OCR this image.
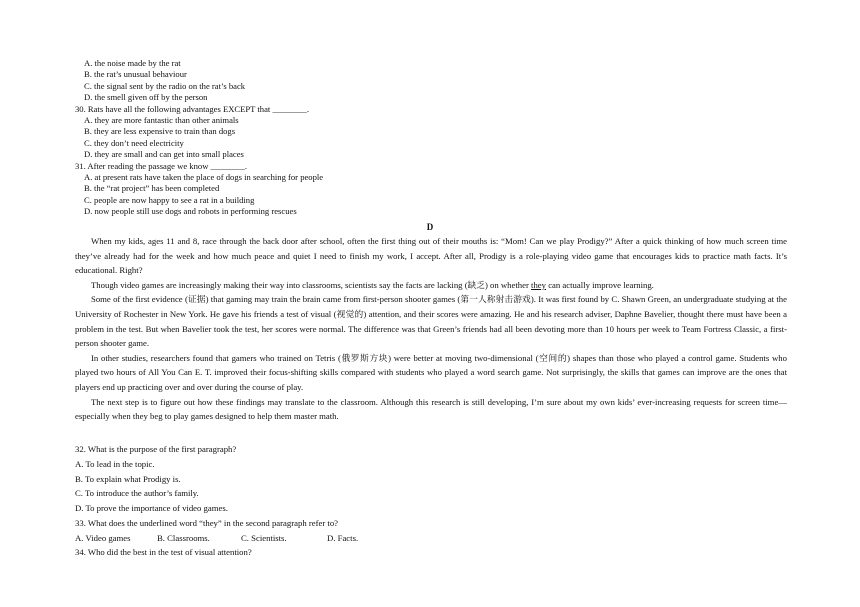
A. the noise made by the rat
B. the rat’s unusual behaviour
C. the signal sent by the radio on the rat’s back
D. the smell given off by the person
30. Rats have all the following advantages EXCEPT that ________.
A. they are more fantastic than other animals
B. they are less expensive to train than dogs
C. they don’t need electricity
D. they are small and can get into small places
31. After reading the passage we know ________.
A. at present rats have taken the place of dogs in searching for people
B. the “rat project” has been completed
C. people are now happy to see a rat in a building
D. now people still use dogs and robots in performing rescues
D

When my kids, ages 11 and 8, race through the back door after school, often the first thing out of their mouths is: “Mom! Can we play Prodigy?” After a quick thinking of how much screen time they’ve already had for the week and how much peace and quiet I need to finish my work, I accept. After all, Prodigy is a role-playing video game that encourages kids to practice math facts. It’s educational. Right?

Though video games are increasingly making their way into classrooms, scientists say the facts are lacking (缺乏) on whether they can actually improve learning.

Some of the first evidence (证据) that gaming may train the brain came from first-person shooter games (第一人称射击游戏). It was first found by C. Shawn Green, an undergraduate studying at the University of Rochester in New York. He gave his friends a test of visual (视觉的) attention, and their scores were amazing. He and his research adviser, Daphne Bavelier, thought there must have been a problem in the test. But when Bavelier took the test, her scores were normal. The difference was that Green’s friends had all been devoting more than 10 hours per week to Team Fortress Classic, a first-person shooter game.

In other studies, researchers found that gamers who trained on Tetris (俄罗斯方块) were better at moving two-dimensional (空间的) shapes than those who played a control game. Students who played two hours of All You Can E. T. improved their focus-shifting skills compared with students who played a word search game. Not surprisingly, the skills that games can improve are the ones that players end up practicing over and over during the course of play.

The next step is to figure out how these findings may translate to the classroom. Although this research is still developing, I’m sure about my own kids’ ever-increasing requests for screen time—especially when they beg to play games designed to help them master math.

32. What is the purpose of the first paragraph?
A. To lead in the topic.
B. To explain what Prodigy is.
C. To introduce the author’s family.
D. To prove the importance of video games.
33. What does the underlined word “they” in the second paragraph refer to?
A. Video games	B. Classrooms.	C. Scientists.	D. Facts.
34. Who did the best in the test of visual attention?
